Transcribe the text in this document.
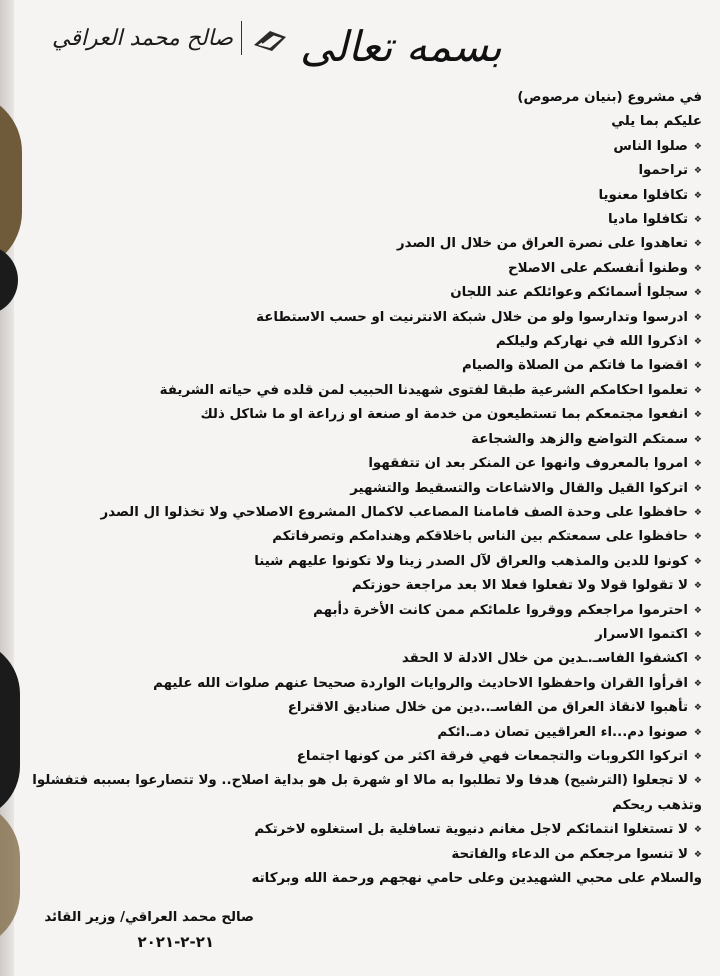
صالح محمد العراقي بسمه تعالى
في مشروع (بنيان مرصوص)
عليكم بما يلي
❖صلوا الناس
❖تراحموا
❖تكافلوا معنويا
❖تكافلوا ماديا
❖تعاهدوا على نصرة العراق من خلال ال الصدر
❖وطنوا أنفسكم على الاصلاح
❖سجلوا أسمائكم وعوائلكم عند اللجان
❖ادرسوا وتدارسوا ولو من خلال شبكة الانترنيت او حسب الاستطاعة
❖اذكروا الله في نهاركم وليلكم
❖اقضوا ما فاتكم من الصلاة والصيام
❖تعلموا احكامكم الشرعية طبقا لفتوى شهيدنا الحبيب لمن قلده في حياته الشريفة
❖انفعوا مجتمعكم بما تستطيعون من خدمة او صنعة او زراعة او ما شاكل ذلك
❖سمتكم التواضع والزهد والشجاعة
❖امروا بالمعروف وانهوا عن المنكر بعد ان تتفقهوا
❖اتركوا القيل والقال والاشاعات والتسقيط والتشهير
❖حافظوا على وحدة الصف فامامنا المصاعب لاكمال المشروع الاصلاحي ولا تخذلوا ال الصدر
❖حافظوا على سمعتكم بين الناس باخلاقكم وهندامكم وتصرفاتكم
❖كونوا للدين والمذهب والعراق لآل الصدر زينا ولا تكونوا عليهم شينا
❖لا تقولوا قولا ولا تفعلوا فعلا الا بعد مراجعة حوزتكم
❖احترموا مراجعكم ووقروا علمائكم ممن كانت الأخرة دأبهم
❖اكتموا الاسرار
❖اكشفوا الفاسـ.ـدين من خلال الادلة لا الحقد
❖اقرأوا القران واحفظوا الاحاديث والروايات الواردة صحيحا عنهم صلوات الله عليهم
❖تأهبوا لانقاذ العراق من الفاسـ..دين من خلال صناديق الاقتراع
❖صونوا دم...اء العراقيين تصان دمـ.ائكم
❖اتركوا الكروبات والتجمعات فهي فرقة اكثر من كونها اجتماع
❖لا تجعلوا (الترشيح) هدفا ولا تطلبوا به مالا او شهرة بل هو بداية اصلاح.. ولا تتصارعوا بسببه فتفشلوا وتذهب ريحكم
❖لا تستغلوا انتمائكم لاجل مغانم دنيوية تسافلية بل استغلوه لاخرتكم
❖لا تنسوا مرجعكم من الدعاء والفاتحة
والسلام على محبي الشهيدين وعلى حامي نهجهم ورحمة الله وبركاته
صالح محمد العراقي/ وزير القائد
٢١-٢-٢٠٢١
